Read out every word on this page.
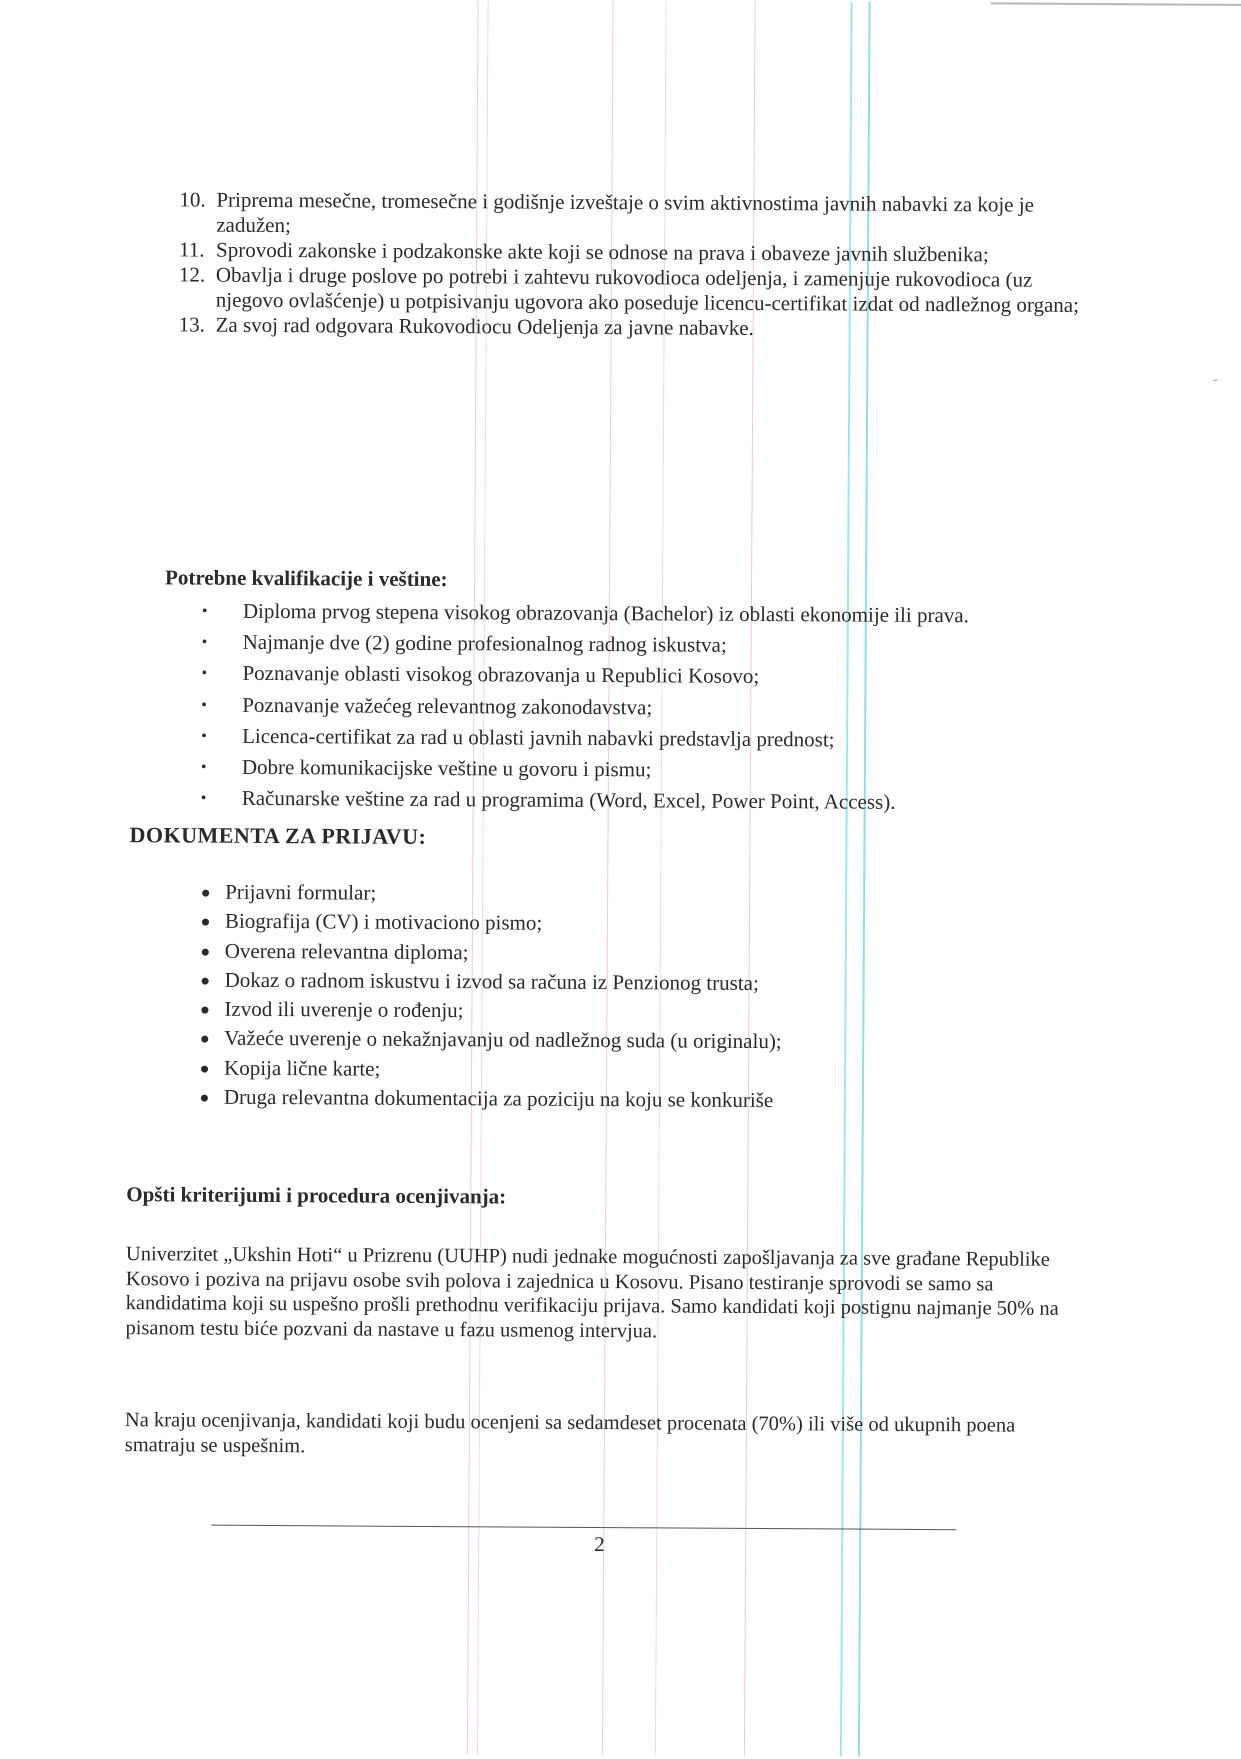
10. Priprema mesečne, tromesečne i godišnje izveštaje o svim aktivnostima javnih nabavki za koje je zadužen;
11. Sprovodi zakonske i podzakonske akte koji se odnose na prava i obaveze javnih službenika;
12. Obavlja i druge poslove po potrebi i zahtevu rukovodioca odeljenja, i zamenjuje rukovodioca (uz njegovo ovlašćenje) u potpisivanju ugovora ako poseduje licencu-certifikat izdat od nadležnog organa;
13. Za svoj rad odgovara Rukovodiocu Odeljenja za javne nabavke.
Potrebne kvalifikacije i veštine:
• Diploma prvog stepena visokog obrazovanja (Bachelor) iz oblasti ekonomije ili prava.
• Najmanje dve (2) godine profesionalnog radnog iskustva;
• Poznavanje oblasti visokog obrazovanja u Republici Kosovo;
• Poznavanje važećeg relevantnog zakonodavstva;
• Licenca-certifikat za rad u oblasti javnih nabavki predstavlja prednost;
• Dobre komunikacijske veštine u govoru i pismu;
• Računarske veštine za rad u programima (Word, Excel, Power Point, Access).
DOKUMENTA ZA PRIJAVU:
Prijavni formular;
Biografija (CV) i motivaciono pismo;
Overena relevantna diploma;
Dokaz o radnom iskustvu i izvod sa računa iz Penzionog trusta;
Izvod ili uverenje o rođenju;
Važeće uverenje o nekažnjavanju od nadležnog suda (u originalu);
Kopija lične karte;
Druga relevantna dokumentacija za poziciju na koju se konkuriše
Opšti kriterijumi i procedura ocenjivanja:
Univerzitet „Ukshin Hoti“ u Prizrenu (UUHP) nudi jednake mogućnosti zapošljavanja za sve građane Republike Kosovo i poziva na prijavu osobe svih polova i zajednica u Kosovu. Pisano testiranje sprovodi se samo sa kandidatima koji su uspešno prošli prethodnu verifikaciju prijava. Samo kandidati koji postignu najmanje 50% na pisanom testu biće pozvani da nastave u fazu usmenog intervjua.
Na kraju ocenjivanja, kandidati koji budu ocenjeni sa sedamdeset procenata (70%) ili više od ukupnih poena smatraju se uspešnim.
2
